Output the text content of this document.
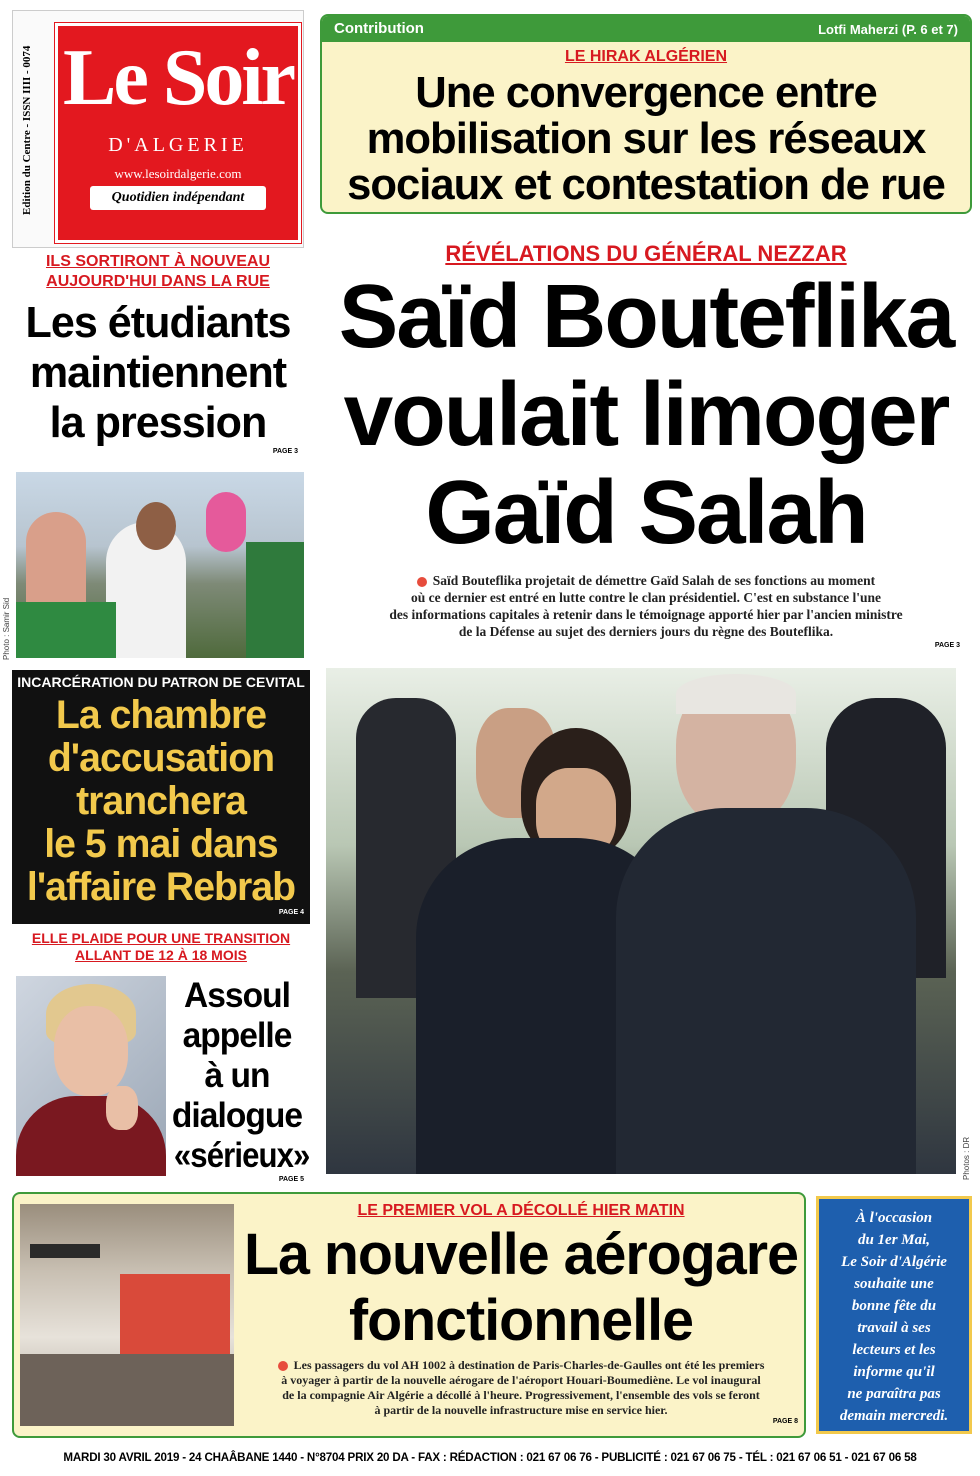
Edition du Centre - ISSN IIII - 0074 Le Soir
D'ALGERIE
www.lesoirdalgerie.com
Quotidien indépendant
Contribution	Lotfi Maherzi (P. 6 et 7)
LE HIRAK ALGÉRIEN
Une convergence entre
mobilisation sur les réseaux
sociaux et contestation de rue
ILS SORTIRONT À NOUVEAU
AUJOURD'HUI DANS LA RUE
Les étudiants
maintiennent
la pression
PAGE 3
Photo : Samir Sid
RÉVÉLATIONS DU GÉNÉRAL NEZZAR
Saïd Bouteflika
voulait limoger
Gaïd Salah
Saïd Bouteflika projetait de démettre Gaïd Salah de ses fonctions au moment
où ce dernier est entré en lutte contre le clan présidentiel. C'est en substance l'une
des informations capitales à retenir dans le témoignage apporté hier par l'ancien ministre
de la Défense au sujet des derniers jours du règne des Bouteflika.
PAGE 3
Photos : DR
INCARCÉRATION DU PATRON DE CEVITAL
La chambre
d'accusation
tranchera
le 5 mai dans
l'affaire Rebrab
PAGE 4
ELLE PLAIDE POUR UNE TRANSITION
ALLANT DE 12 À 18 MOIS
Assoul
appelle
à un
dialogue
«sérieux»
PAGE 5
LE PREMIER VOL A DÉCOLLÉ HIER MATIN
La nouvelle aérogare
fonctionnelle
Les passagers du vol AH 1002 à destination de Paris-Charles-de-Gaulles ont été les premiers
à voyager à partir de la nouvelle aérogare de l'aéroport Houari-Boumediène. Le vol inaugural
de la compagnie Air Algérie a décollé à l'heure. Progressivement, l'ensemble des vols se feront
à partir de la nouvelle infrastructure mise en service hier.
PAGE 8
À l'occasion
du 1er Mai,
Le Soir d'Algérie
souhaite une
bonne fête du
travail à ses
lecteurs et les
informe qu'il
ne paraîtra pas
demain mercredi.
MARDI 30 AVRIL 2019 - 24 CHAÂBANE 1440 - N°8704 PRIX 20 DA - FAX : RÉDACTION : 021 67 06 76 - PUBLICITÉ : 021 67 06 75 - TÉL : 021 67 06 51 - 021 67 06 58
